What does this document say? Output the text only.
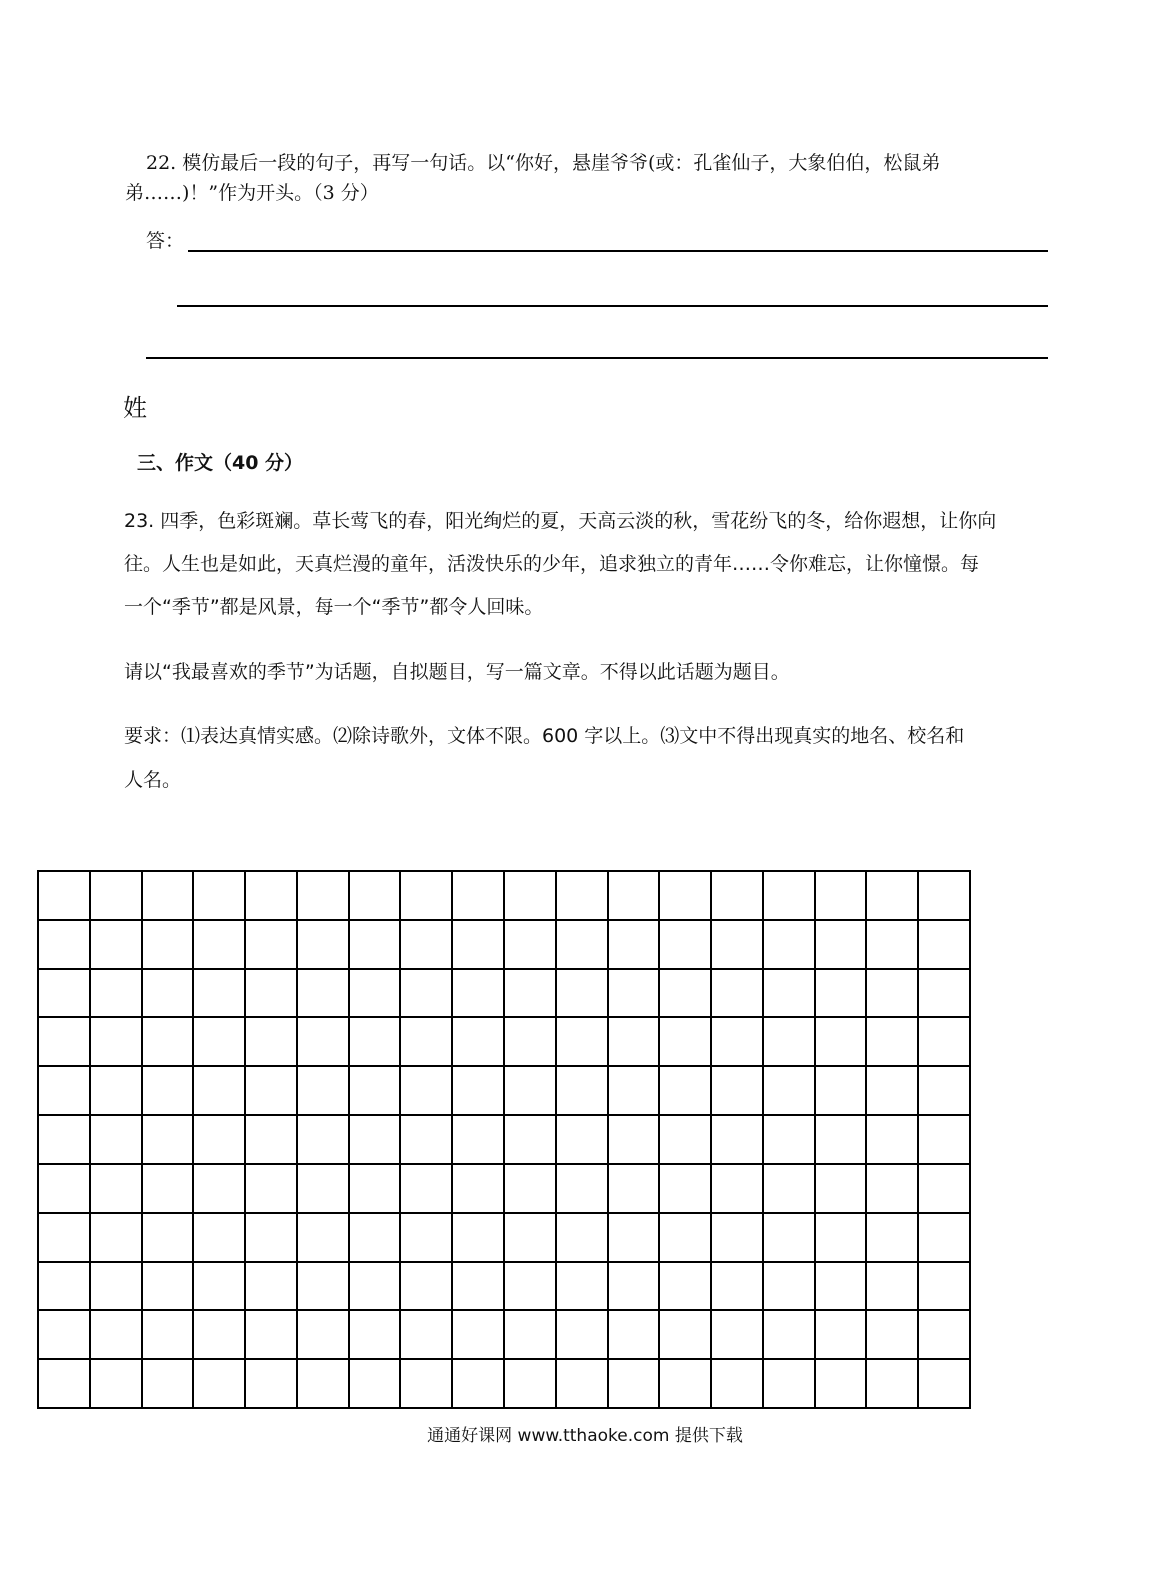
22. 模仿最后一段的句子，再写一句话。以“你好，悬崖爷爷(或：孔雀仙子，大象伯伯，松鼠弟
弟……)！”作为开头。（3 分）
答：
姓
三、作文（40 分）
23. 四季，色彩斑斓。草长莺飞的春，阳光绚烂的夏，天高云淡的秋，雪花纷飞的冬，给你遐想，让你向
往。人生也是如此，天真烂漫的童年，活泼快乐的少年，追求独立的青年……令你难忘，让你憧憬。每
一个“季节”都是风景，每一个“季节”都令人回味。
请以“我最喜欢的季节”为话题，自拟题目，写一篇文章。不得以此话题为题目。
要求：⑴表达真情实感。⑵除诗歌外，文体不限。600 字以上。⑶文中不得出现真实的地名、校名和
人名。
通通好课网 www.tthaoke.com 提供下载
